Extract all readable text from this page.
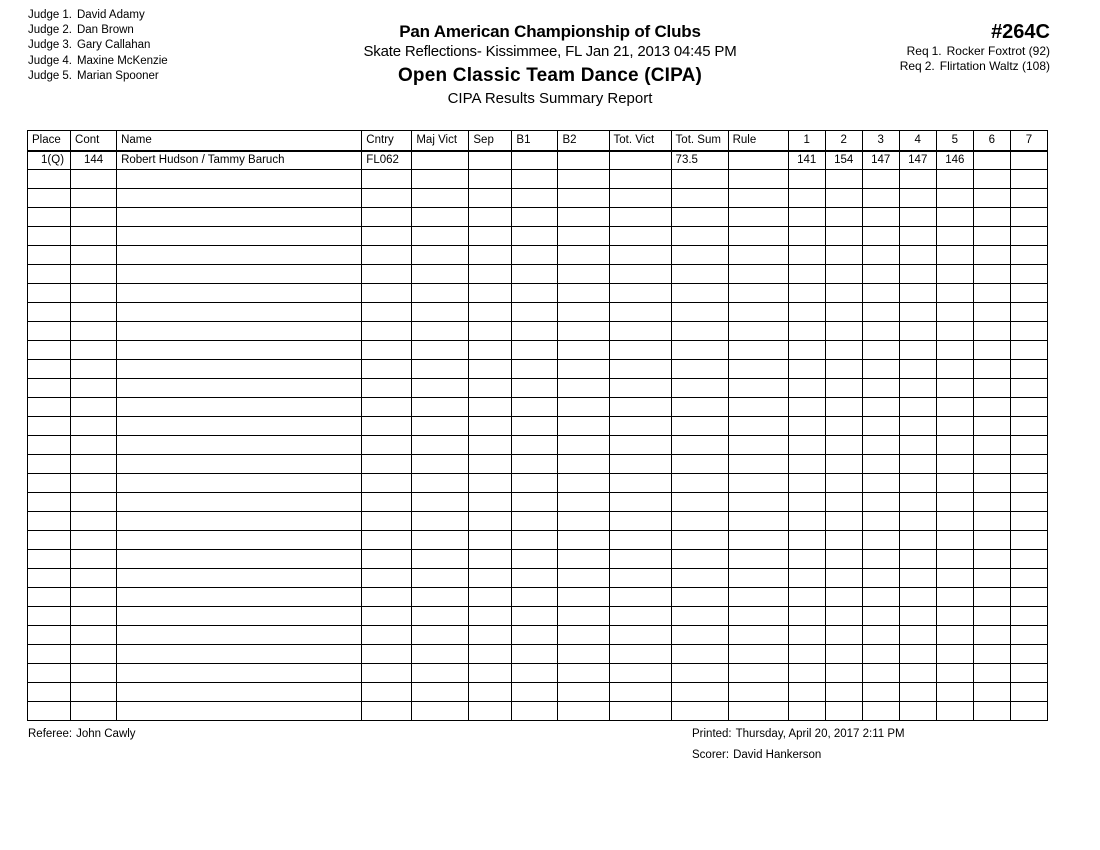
Judge 1. David Adamy
Judge 2. Dan Brown
Judge 3. Gary Callahan
Judge 4. Maxine McKenzie
Judge 5. Marian Spooner
Pan American Championship of Clubs
Skate Reflections- Kissimmee, FL Jan 21, 2013 04:45 PM
Open Classic Team Dance (CIPA)
CIPA Results Summary Report
#264C
Req 1. Rocker Foxtrot (92)
Req 2. Flirtation Waltz (108)
Place	Cont	Name	Cntry	Maj Vict	Sep	B1	B2	Tot. Vict	Tot. Sum	Rule	1	2	3	4	5	6	7
1(Q)	144	Robert Hudson / Tammy Baruch	FL062						73.5		141	154	147	147	146		

Referee: John Cawly	Printed: Thursday, April 20, 2017 2:11 PM
Scorer: David Hankerson
